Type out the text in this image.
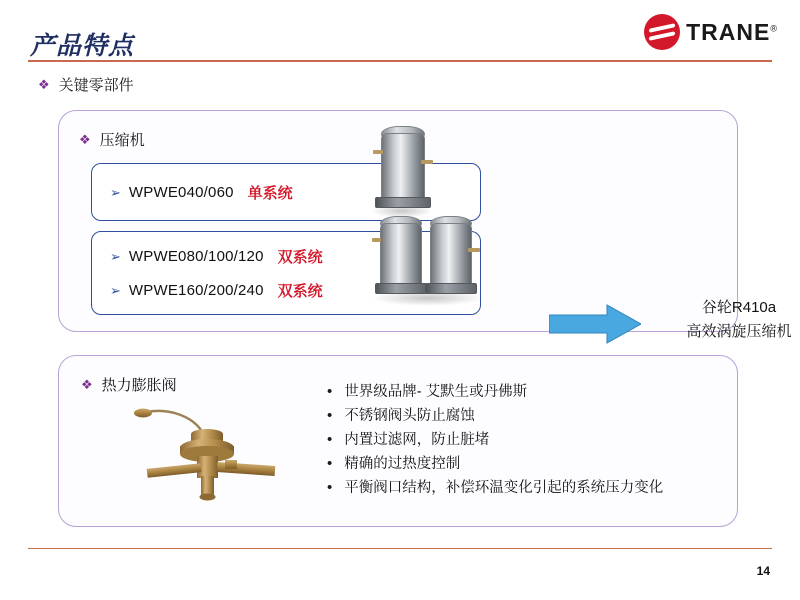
产品特点
TRANE®
❖ 关键零部件
❖ 压缩机
➢ WPWE040/060 单系统
➢ WPWE080/100/120 双系统
➢ WPWE160/200/240 双系统
谷轮R410a
高效涡旋压缩机
❖ 热力膨胀阀	• 世界级品牌- 艾默生或丹佛斯
• 不锈钢阀头防止腐蚀
• 内置过滤网，防止脏堵
• 精确的过热度控制
• 平衡阀口结构，补偿环温变化引起的系统压力变化
14
